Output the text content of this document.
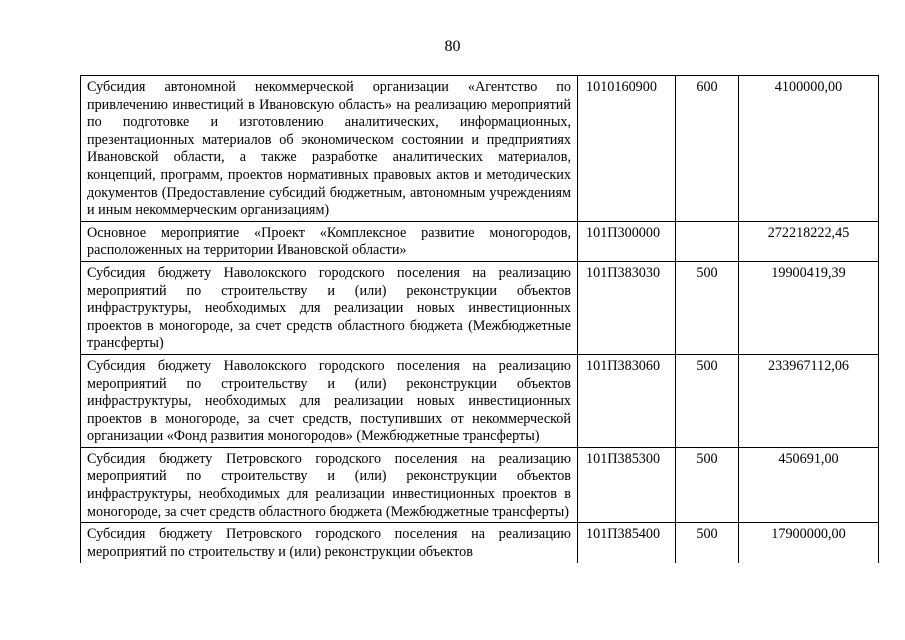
80
Субсидия автономной некоммерческой организации «Агентство по привлечению инвестиций в Ивановскую область» на реализацию мероприятий по подготовке и изготовлению аналитических, информационных, презентационных материалов об экономическом состоянии и предприятиях Ивановской области, а также разработке аналитических материалов, концепций, программ, проектов нормативных правовых актов и методических документов (Предоставление субсидий бюджетным, автономным учреждениям и иным некоммерческим организациям)	1010160900	600	4100000,00
Основное мероприятие «Проект «Комплексное развитие моногородов, расположенных на территории Ивановской области»	101П300000		272218222,45
Субсидия бюджету Наволокского городского поселения на реализацию мероприятий по строительству и (или) реконструкции объектов инфраструктуры, необходимых для реализации новых инвестиционных проектов в моногороде, за счет средств областного бюджета (Межбюджетные трансферты)	101П383030	500	19900419,39
Субсидия бюджету Наволокского городского поселения на реализацию мероприятий по строительству и (или) реконструкции объектов инфраструктуры, необходимых для реализации новых инвестиционных проектов в моногороде, за счет средств, поступивших от некоммерческой организации «Фонд развития моногородов» (Межбюджетные трансферты)	101П383060	500	233967112,06
Субсидия бюджету Петровского городского поселения на реализацию мероприятий по строительству и (или) реконструкции объектов инфраструктуры, необходимых для реализации инвестиционных проектов в моногороде, за счет средств областного бюджета (Межбюджетные трансферты)	101П385300	500	450691,00
Субсидия бюджету Петровского городского поселения на реализацию мероприятий по строительству и (или) реконструкции объектов	101П385400	500	17900000,00
